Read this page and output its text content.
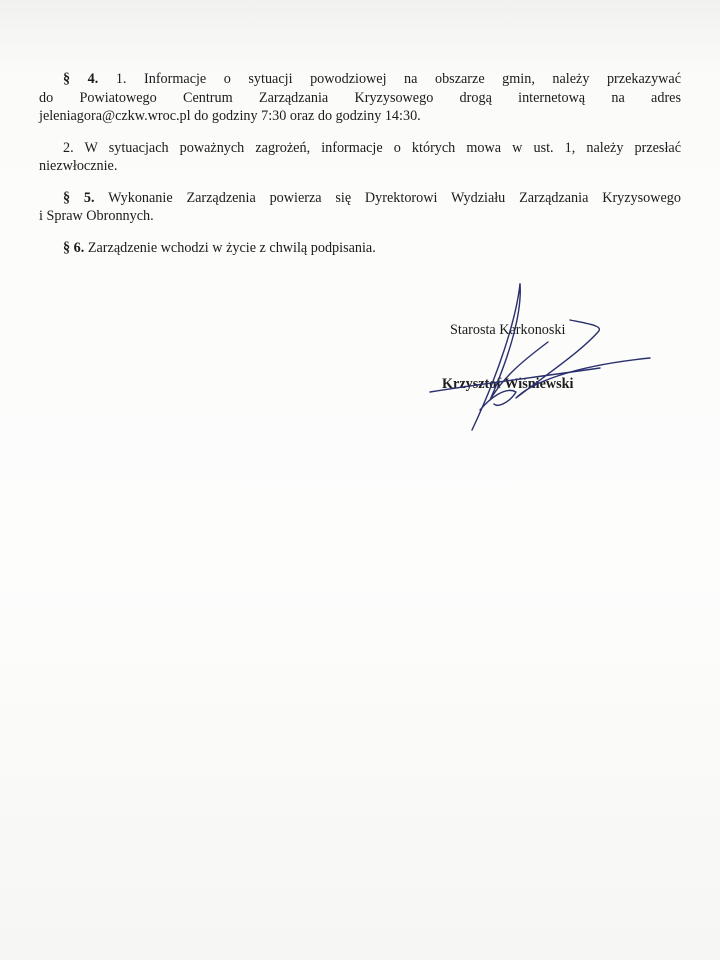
§ 4. 1. Informacje o sytuacji powodziowej na obszarze gmin, należy przekazywać
do Powiatowego Centrum Zarządzania Kryzysowego drogą internetową na adres
jeleniagora@czkw.wroc.pl do godziny 7:30 oraz do godziny 14:30.
2. W sytuacjach poważnych zagrożeń, informacje o których mowa w ust. 1, należy przesłać
niezwłocznie.
§ 5. Wykonanie Zarządzenia powierza się Dyrektorowi Wydziału Zarządzania Kryzysowego
i Spraw Obronnych.
§ 6. Zarządzenie wchodzi w życie z chwilą podpisania.
Starosta Karkonoski
Krzysztof Wiśniewski
